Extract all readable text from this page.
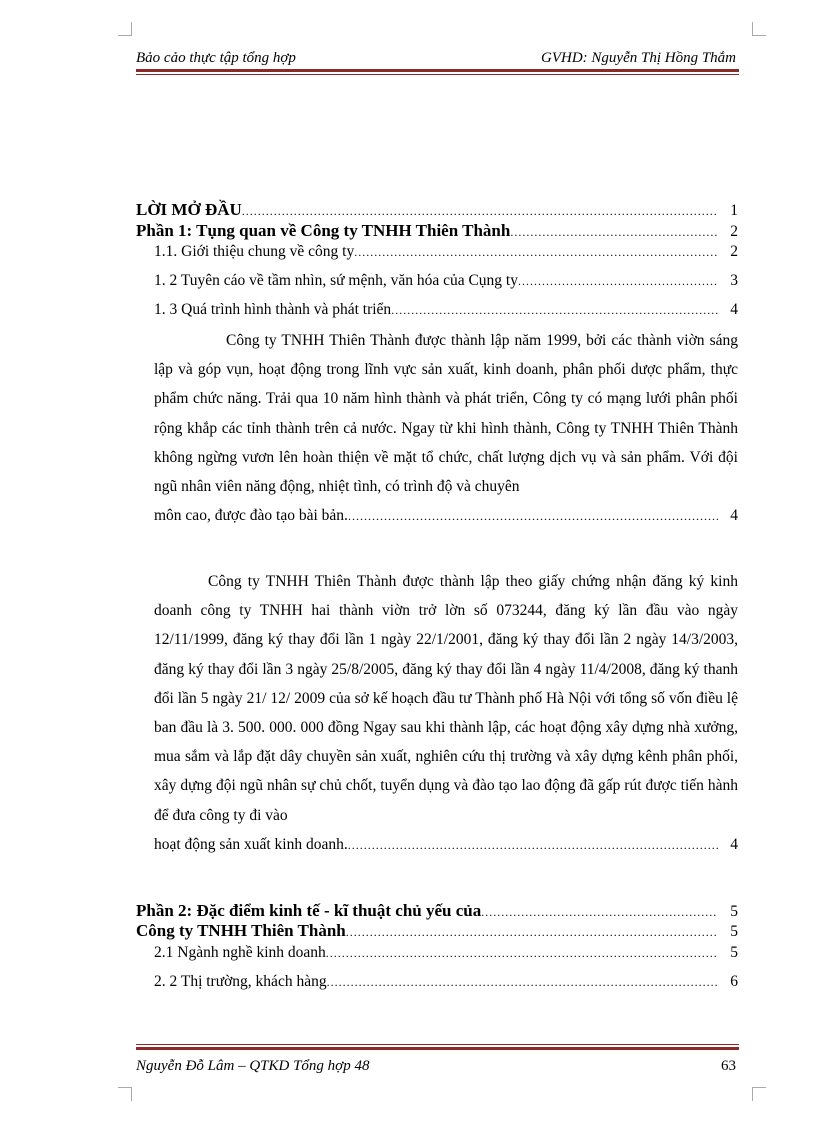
Bảo cảo thực tập tổng hợp	GVHD: Nguyễn Thị Hồng Thắm
LỜI MỞ ĐẦU .....	1
Phần 1: Tụng quan về Công ty TNHH Thiên Thành .....	2
1.1. Giới thiệu chung về công ty .....	2
1. 2 Tuyên cáo về tầm nhìn, sứ mệnh, văn hóa của Cụng ty .....	3
1. 3 Quá trình hình thành và phát triển .....	4
Công ty TNHH Thiên Thành được thành lập năm 1999, bởi các thành viờn sáng lập và góp vụn, hoạt động trong lĩnh vực sản xuất, kinh doanh, phân phối dược phẩm, thực phẩm chức năng. Trải qua 10 năm hình thành và phát triển, Công ty có mạng lưới phân phối rộng khắp các tỉnh thành trên cả nước. Ngay từ khi hình thành, Công ty TNHH Thiên Thành không ngừng vươn lên hoàn thiện về mặt tổ chức, chất lượng dịch vụ và sản phẩm. Với đội ngũ nhân viên năng động, nhiệt tình, có trình độ và chuyên
môn cao, được đào tạo bài bản. .....	4
Công ty TNHH Thiên Thành được thành lập theo giấy chứng nhận đăng ký kinh doanh công ty TNHH hai thành viờn trở lờn số 073244, đăng ký lần đầu vào ngày 12/11/1999, đăng ký thay đổi lần 1 ngày 22/1/2001, đăng ký thay đổi lần 2 ngày 14/3/2003, đăng ký thay đổi lần 3 ngày 25/8/2005, đăng ký thay đổi lần 4 ngày 11/4/2008, đăng ký thanh đổi lần 5 ngày 21/ 12/ 2009 của sở kế hoạch đầu tư Thành phố Hà Nội với tổng số vốn điều lệ ban đầu là 3. 500. 000. 000 đồng Ngay sau khi thành lập, các hoạt động xây dựng nhà xưởng, mua sắm và lắp đặt dây chuyền sản xuất, nghiên cứu thị trường và xây dựng kênh phân phối, xây dựng đội ngũ nhân sự chủ chốt, tuyển dụng và đào tạo lao động đã gấp rút được tiến hành để đưa công ty đi vào
hoạt động sản xuất kinh doanh. .....	4
Phần 2: Đặc điểm kinh tế - kĩ thuật chủ yếu của .....	5
Công ty TNHH Thiên Thành .....	5
2.1 Ngành nghề kinh doanh .....	5
2. 2 Thị trường, khách hàng .....	6
Nguyễn Đỗ Lâm – QTKD Tổng hợp 48	63
